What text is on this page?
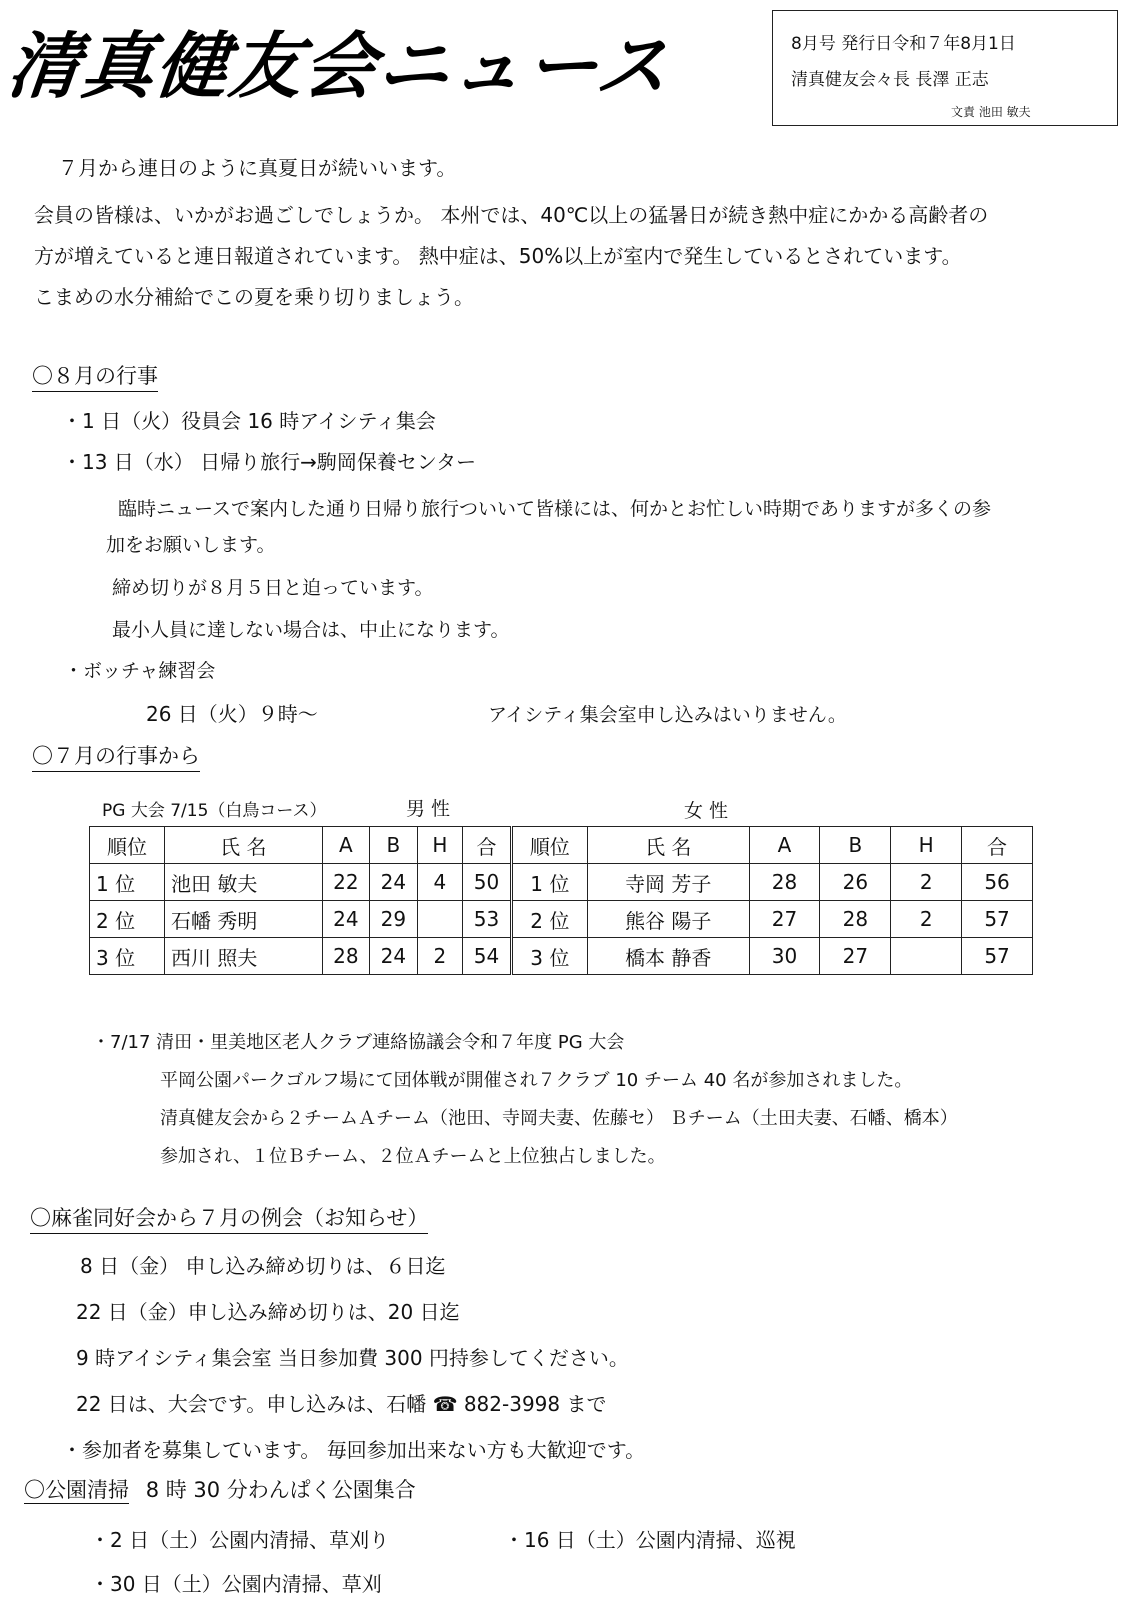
清真健友会ニュース	8月号 発行日令和７年8月1日
清真健友会々長 長澤 正志
文責 池田 敏夫
７月から連日のように真夏日が続いいます。
会員の皆様は、いかがお過ごしでしょうか。 本州では、40℃以上の猛暑日が続き熱中症にかかる高齢者の
方が増えていると連日報道されています。 熱中症は、50%以上が室内で発生しているとされています。
こまめの水分補給でこの夏を乗り切りましょう。
〇８月の行事
・1 日（火）役員会 16 時アイシティ集会
・13 日（水） 日帰り旅行→駒岡保養センター
臨時ニュースで案内した通り日帰り旅行ついいて皆様には、何かとお忙しい時期でありますが多くの参
加をお願いします。
締め切りが８月５日と迫っています。
最小人員に達しない場合は、中止になります。
・ボッチャ練習会
26 日（火）９時～	アイシティ集会室申し込みはいりません。
〇７月の行事から
PG 大会 7/15（白鳥コース）	男 性	女 性
順位	氏 名	A	B	H	合	順位	氏 名	A	B	H	合
1 位	池田 敏夫	22	24	4	50	1 位	寺岡 芳子	28	26	2	56
2 位	石幡 秀明	24	29		53	2 位	熊谷 陽子	27	28	2	57
3 位	西川 照夫	28	24	2	54	3 位	橋本 静香	30	27		57
・7/17 清田・里美地区老人クラブ連絡協議会令和７年度 PG 大会
平岡公園パークゴルフ場にて団体戦が開催され７クラブ 10 チーム 40 名が参加されました。
清真健友会から２チームＡチーム（池田、寺岡夫妻、佐藤セ） Ｂチーム（土田夫妻、石幡、橋本）
参加され、１位Ｂチーム、２位Ａチームと上位独占しました。
〇麻雀同好会から７月の例会（お知らせ）
8 日（金） 申し込み締め切りは、６日迄
22 日（金）申し込み締め切りは、20 日迄
9 時アイシティ集会室 当日参加費 300 円持参してください。
22 日は、大会です。申し込みは、石幡 ☎ 882-3998 まで
・参加者を募集しています。 毎回参加出来ない方も大歓迎です。
〇公園清掃 8 時 30 分わんぱく公園集合
・2 日（土）公園内清掃、草刈り	・16 日（土）公園内清掃、巡視
・30 日（土）公園内清掃、草刈
